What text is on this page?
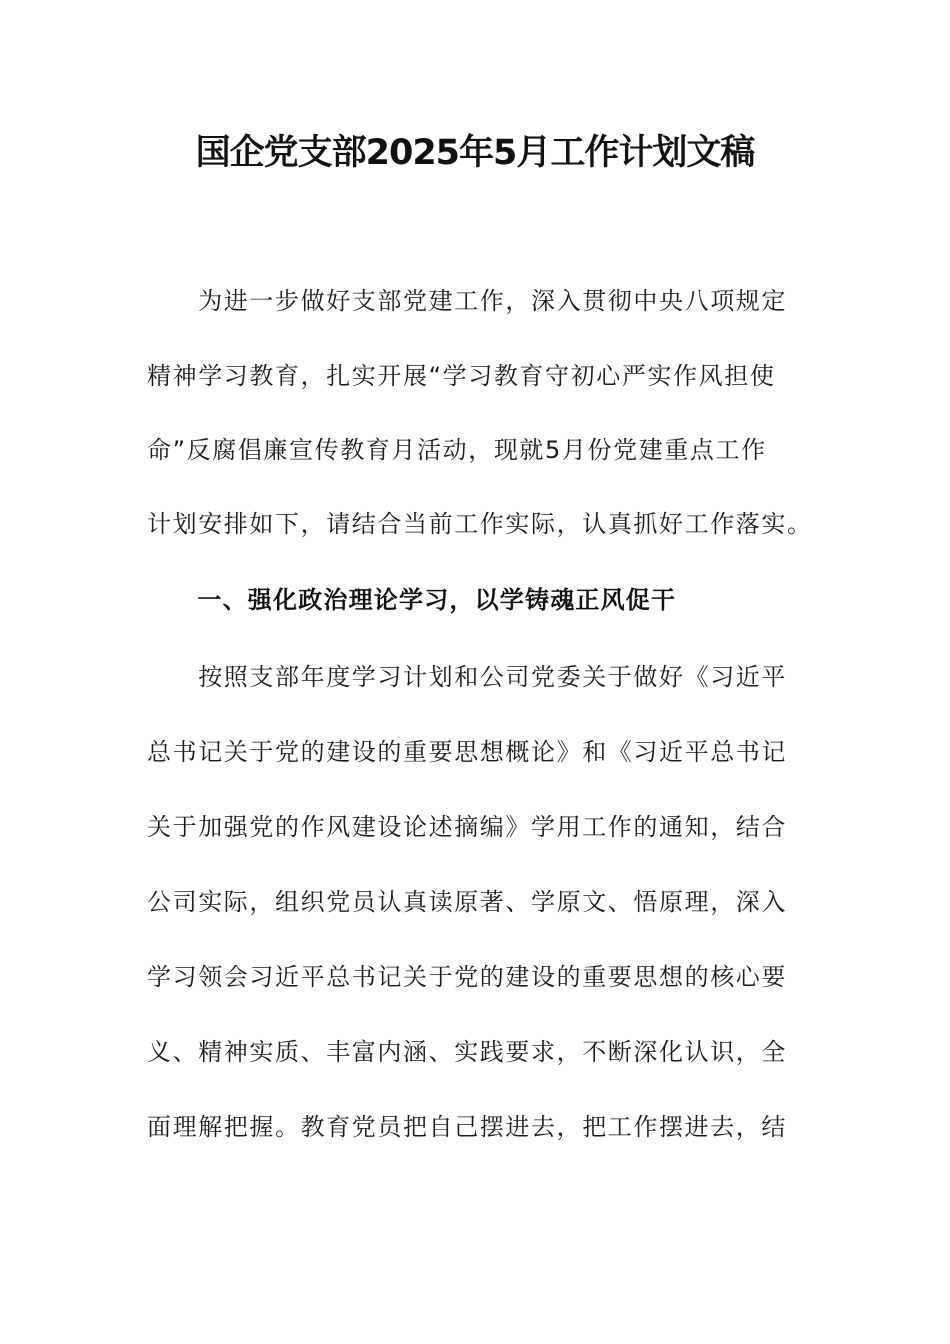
国企党支部2025年5月工作计划文稿
　　为进一步做好支部党建工作，深入贯彻中央八项规定
精神学习教育，扎实开展“学习教育守初心严实作风担使
命”反腐倡廉宣传教育月活动，现就5月份党建重点工作
计划安排如下，请结合当前工作实际，认真抓好工作落实。
　　一、强化政治理论学习，以学铸魂正风促干
　　按照支部年度学习计划和公司党委关于做好《习近平
总书记关于党的建设的重要思想概论》和《习近平总书记
关于加强党的作风建设论述摘编》学用工作的通知，结合
公司实际，组织党员认真读原著、学原文、悟原理，深入
学习领会习近平总书记关于党的建设的重要思想的核心要
义、精神实质、丰富内涵、实践要求，不断深化认识，全
面理解把握。教育党员把自己摆进去，把工作摆进去，结
